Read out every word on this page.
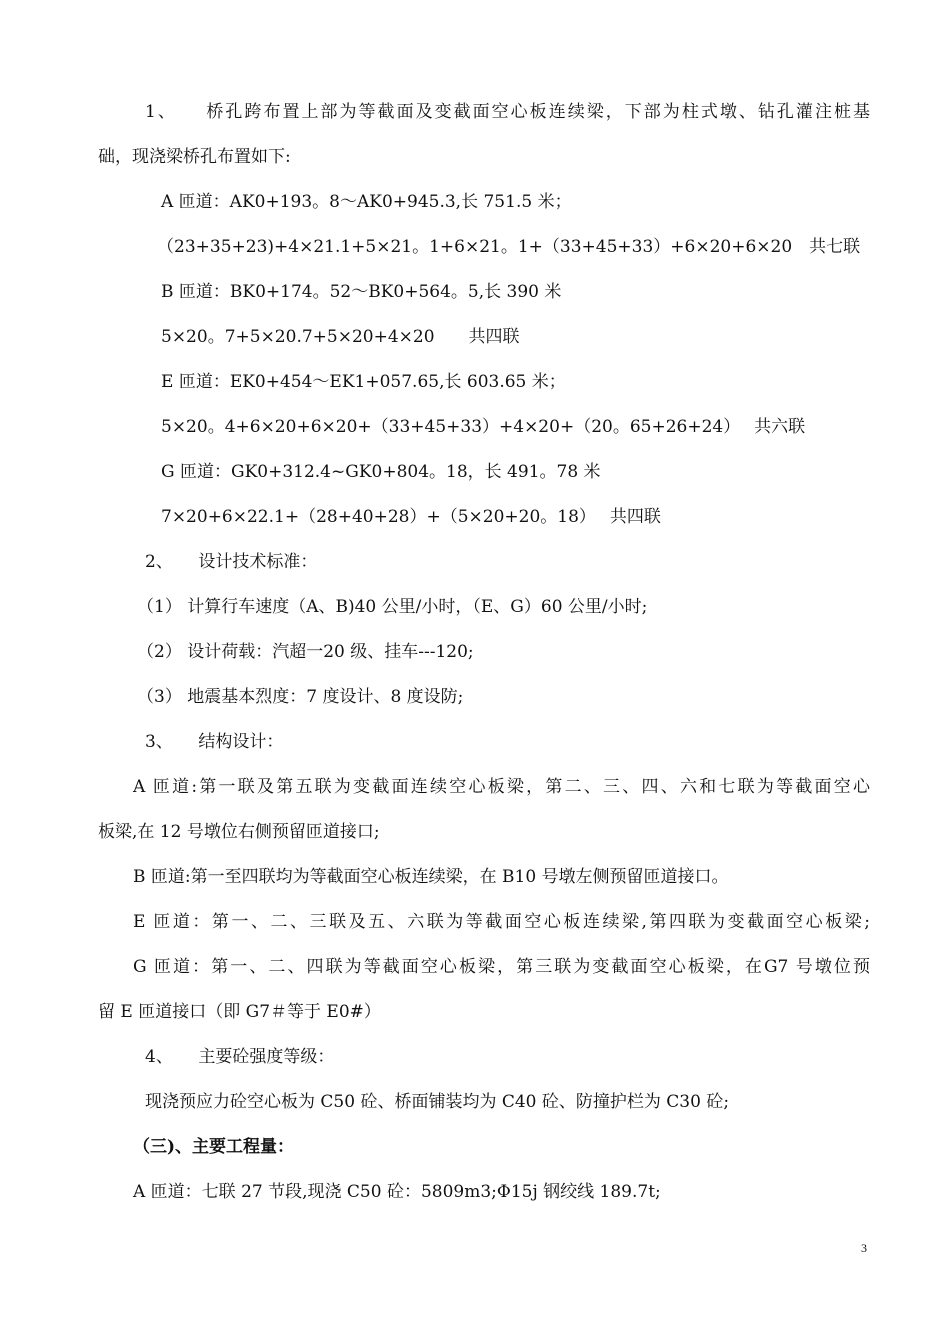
1、　　桥孔跨布置上部为等截面及变截面空心板连续梁，下部为柱式墩、钻孔灌注桩基
础，现浇梁桥孔布置如下:
A 匝道：AK0+193。8～AK0+945.3,长 751.5 米；
（23+35+23)+4×21.1+5×21。1+6×21。1+（33+45+33）+6×20+6×20　共七联
B 匝道：BK0+174。52～BK0+564。5,长 390 米
5×20。7+5×20.7+5×20+4×20　　共四联
E 匝道：EK0+454～EK1+057.65,长 603.65 米；
5×20。4+6×20+6×20+（33+45+33）+4×20+（20。65+26+24）　 共六联
G 匝道：GK0+312.4~GK0+804。18，长 491。78 米
7×20+6×22.1+（28+40+28）+（5×20+20。18）　 共四联
2、　　设计技术标准：
（1） 计算行车速度（A、B)40 公里/小时，（E、G）60 公里/小时;
（2） 设计荷载：汽超一20 级、挂车---120;
（3） 地震基本烈度：7 度设计、8 度设防;
3、　　结构设计：
A 匝道:第一联及第五联为变截面连续空心板梁，第二、三、四、六和七联为等截面空心
板梁,在 12 号墩位右侧预留匝道接口;
B 匝道:第一至四联均为等截面空心板连续梁，在 B10 号墩左侧预留匝道接口。
E 匝道：第一、二、三联及五、六联为等截面空心板连续梁,第四联为变截面空心板梁;
G 匝道：第一、二、四联为等截面空心板梁，第三联为变截面空心板梁，在G7 号墩位预
留 E 匝道接口（即 G7＃等于 E0#）
4、　　主要砼强度等级：
现浇预应力砼空心板为 C50 砼、桥面铺装均为 C40 砼、防撞护栏为 C30 砼;
（三)、主要工程量：
A 匝道：七联 27 节段,现浇 C50 砼：5809m3;Φ15j 钢绞线 189.7t;
3
